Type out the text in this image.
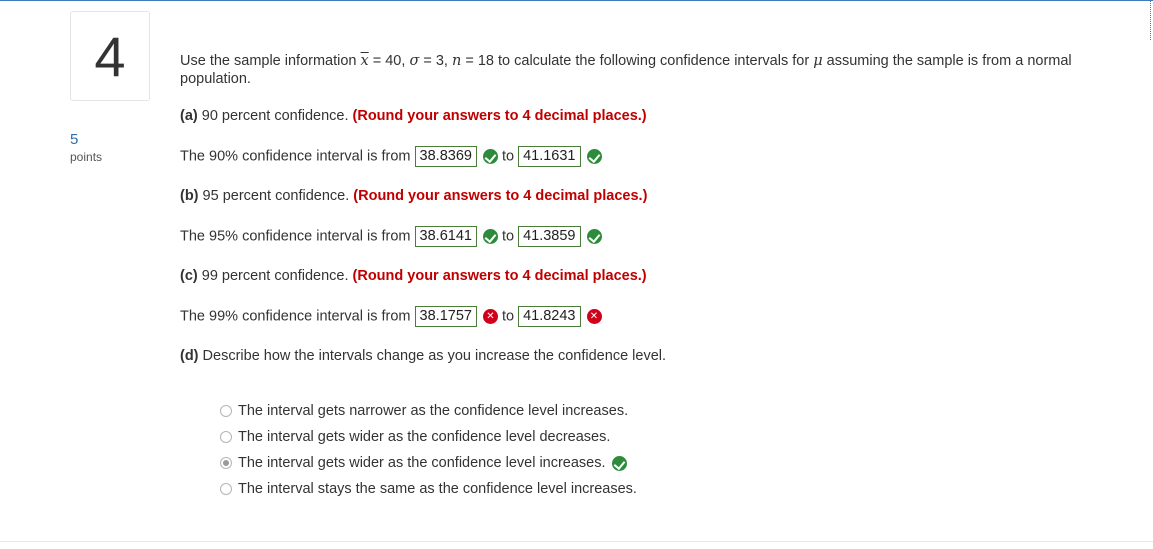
4
5
points
Use the sample information $\overline{x} = 40$, σ = 3, n = 18 to calculate the following confidence intervals for μ assuming the sample is from a normal population.
(a) 90 percent confidence. (Round your answers to 4 decimal places.)
The 90% confidence interval is from 38.8369 to 41.1631
(b) 95 percent confidence. (Round your answers to 4 decimal places.)
The 95% confidence interval is from 38.6141 to 41.3859
(c) 99 percent confidence. (Round your answers to 4 decimal places.)
The 99% confidence interval is from 38.1757 ✕ to 41.8243 ✕
(d) Describe how the intervals change as you increase the confidence level.
The interval gets narrower as the confidence level increases.
The interval gets wider as the confidence level decreases.
The interval gets wider as the confidence level increases.
The interval stays the same as the confidence level increases.
